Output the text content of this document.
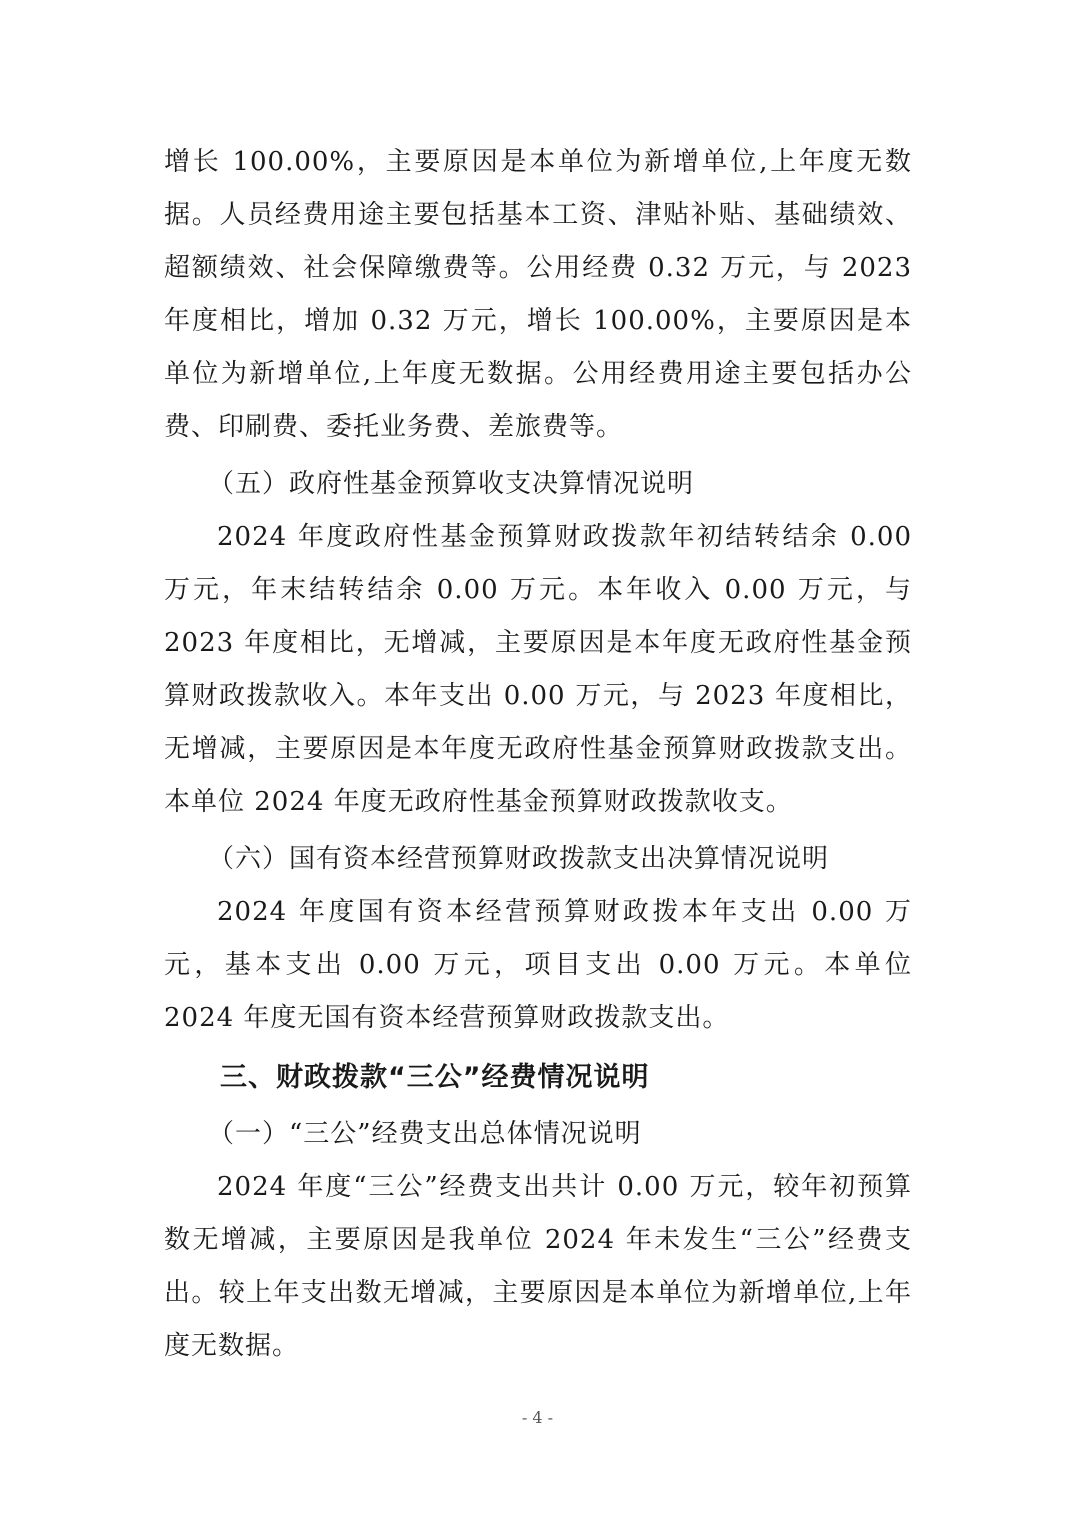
增长 100.00%，主要原因是本单位为新增单位,上年度无数据。人员经费用途主要包括基本工资、津贴补贴、基础绩效、超额绩效、社会保障缴费等。公用经费 0.32 万元，与 2023 年度相比，增加 0.32 万元，增长 100.00%，主要原因是本单位为新增单位,上年度无数据。公用经费用途主要包括办公费、印刷费、委托业务费、差旅费等。

（五）政府性基金预算收支决算情况说明

2024 年度政府性基金预算财政拨款年初结转结余 0.00 万元，年末结转结余 0.00 万元。本年收入 0.00 万元，与 2023 年度相比，无增减，主要原因是本年度无政府性基金预算财政拨款收入。本年支出 0.00 万元，与 2023 年度相比，无增减，主要原因是本年度无政府性基金预算财政拨款支出。本单位 2024 年度无政府性基金预算财政拨款收支。

（六）国有资本经营预算财政拨款支出决算情况说明

2024 年度国有资本经营预算财政拨本年支出 0.00 万元，基本支出 0.00 万元，项目支出 0.00 万元。本单位 2024 年度无国有资本经营预算财政拨款支出。

三、财政拨款“三公”经费情况说明

（一）“三公”经费支出总体情况说明

2024 年度“三公”经费支出共计 0.00 万元，较年初预算数无增减，主要原因是我单位 2024 年未发生“三公”经费支出。较上年支出数无增减，主要原因是本单位为新增单位,上年度无数据。

- 4 -
